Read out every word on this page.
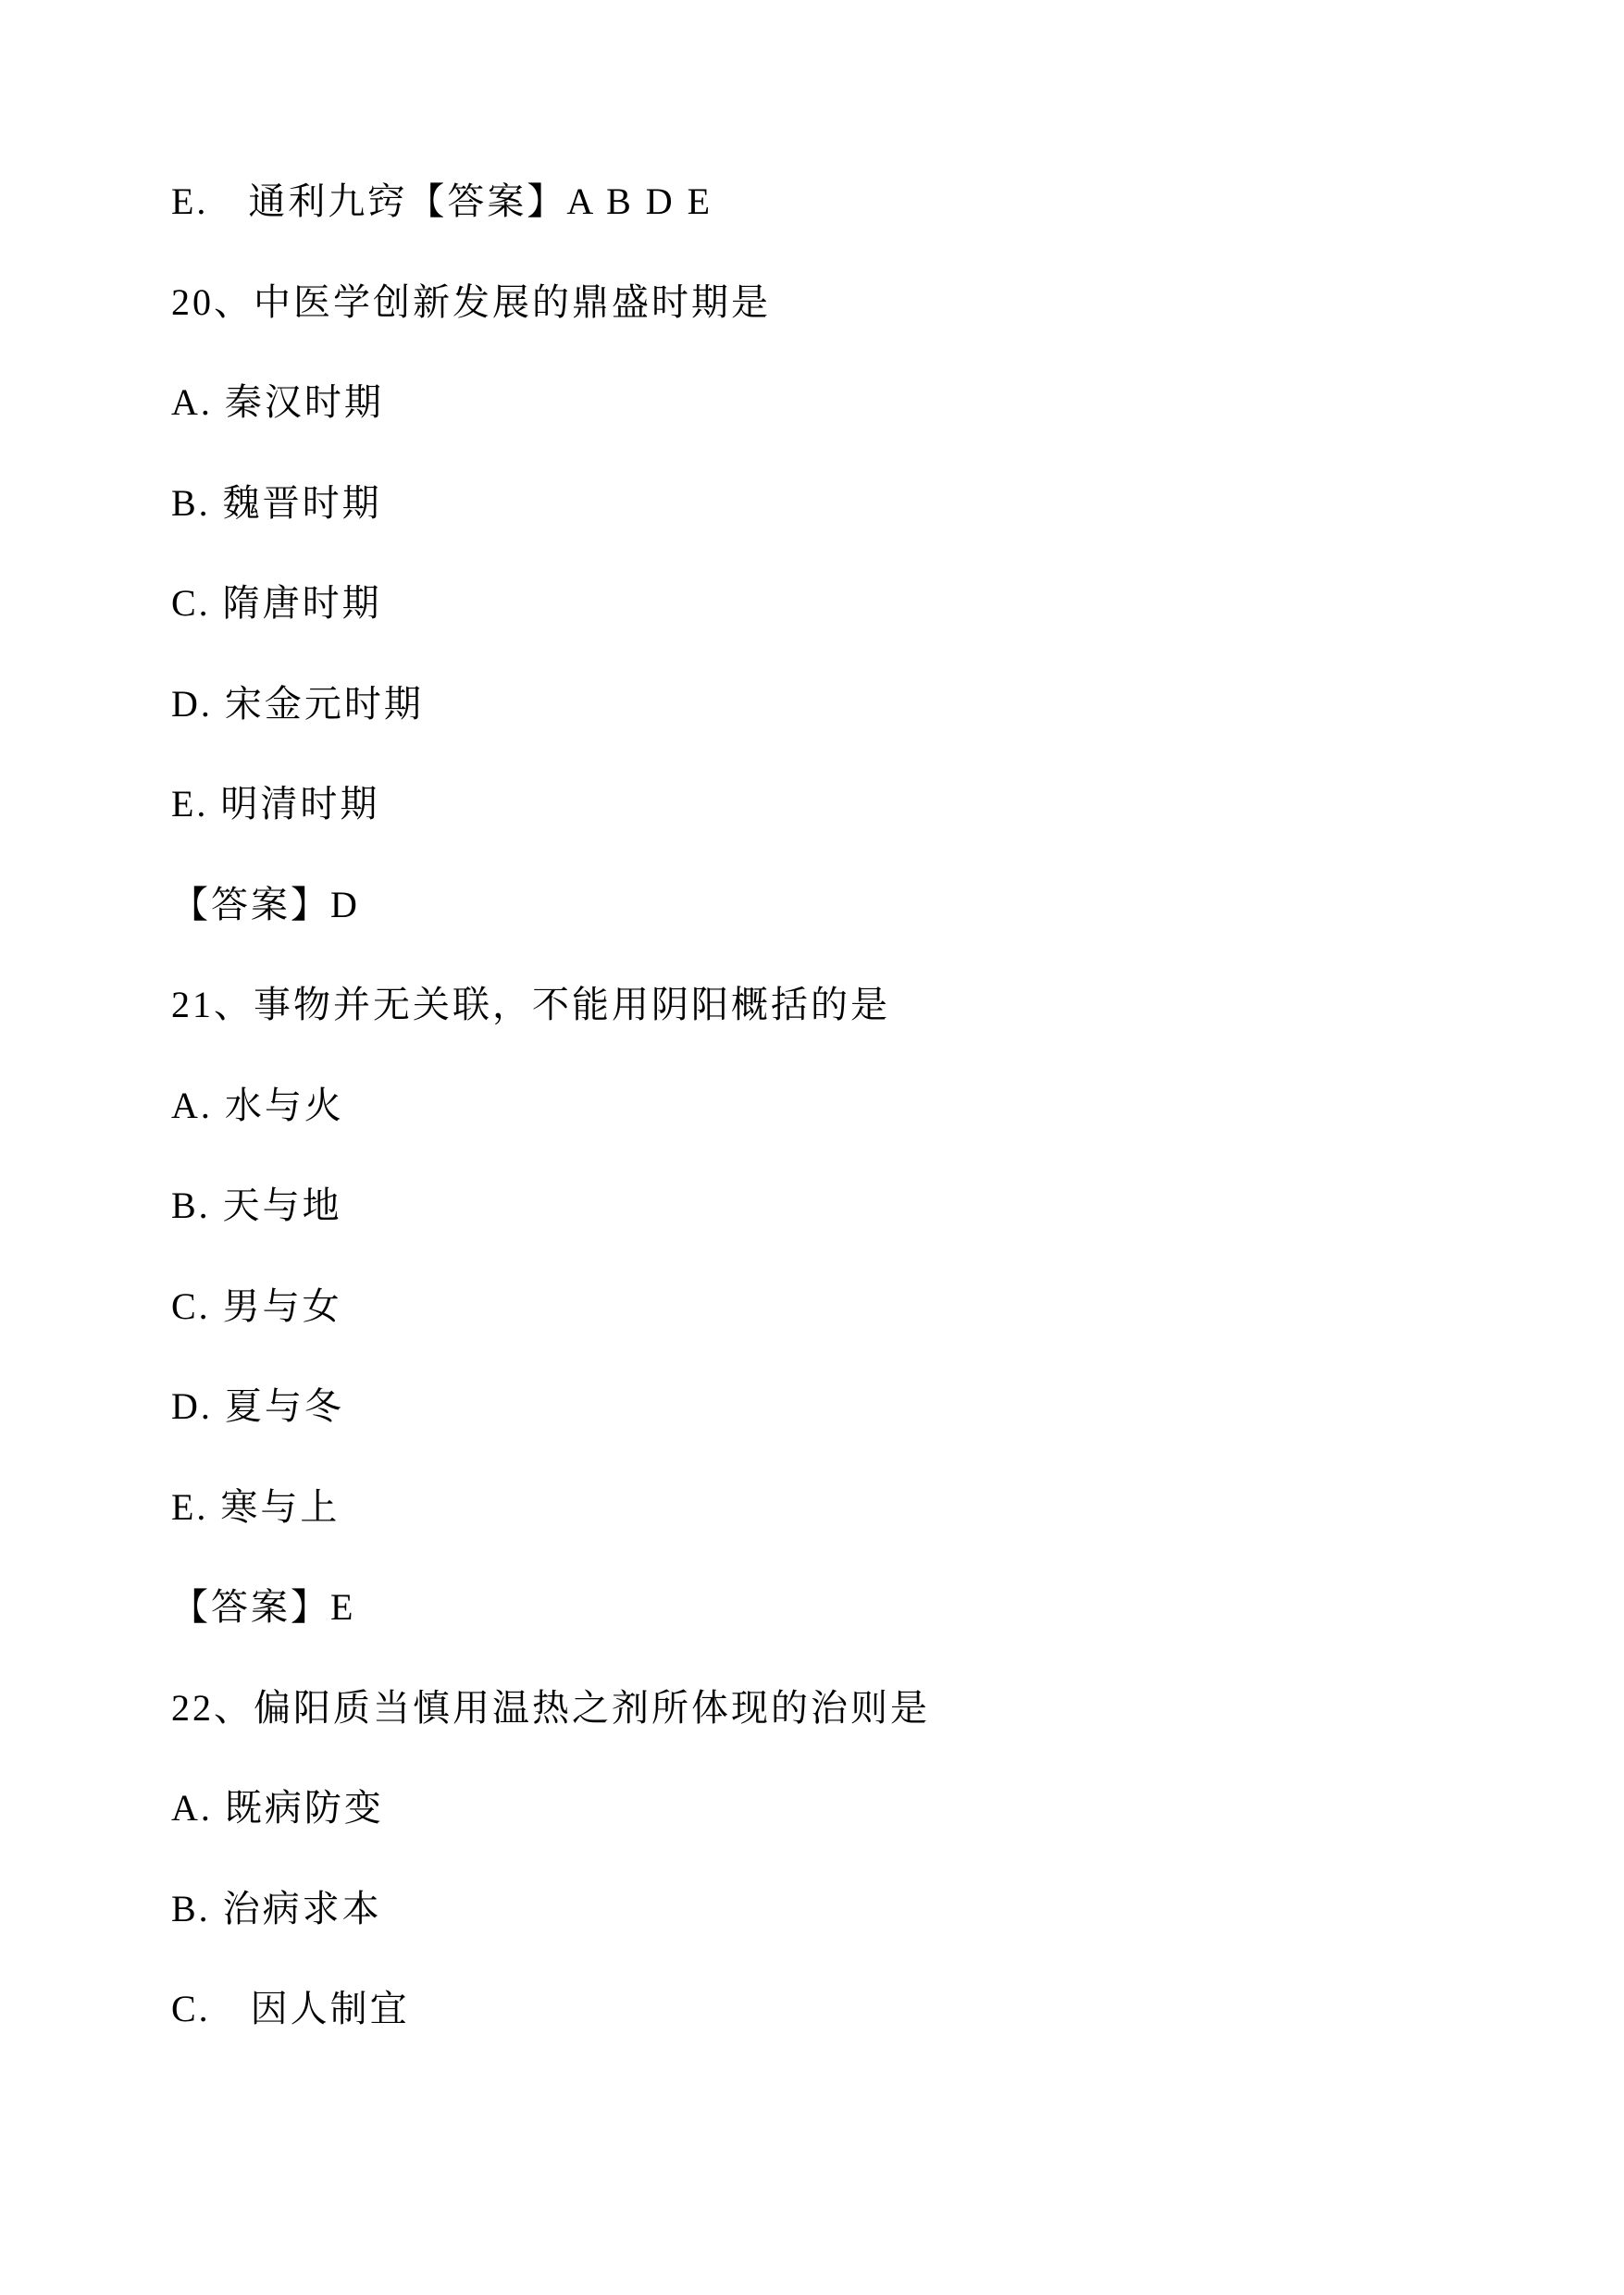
E.　通利九窍【答案】A B D E

20、中医学创新发展的鼎盛时期是

A. 秦汉时期

B. 魏晋时期

C. 隋唐时期

D. 宋金元时期

E. 明清时期

【答案】D

21、事物并无关联，不能用阴阳概括的是

A. 水与火

B. 天与地

C. 男与女

D. 夏与冬

E. 寒与上

【答案】E

22、偏阳质当慎用温热之剂所体现的治则是

A. 既病防变

B. 治病求本

C.　因人制宜
